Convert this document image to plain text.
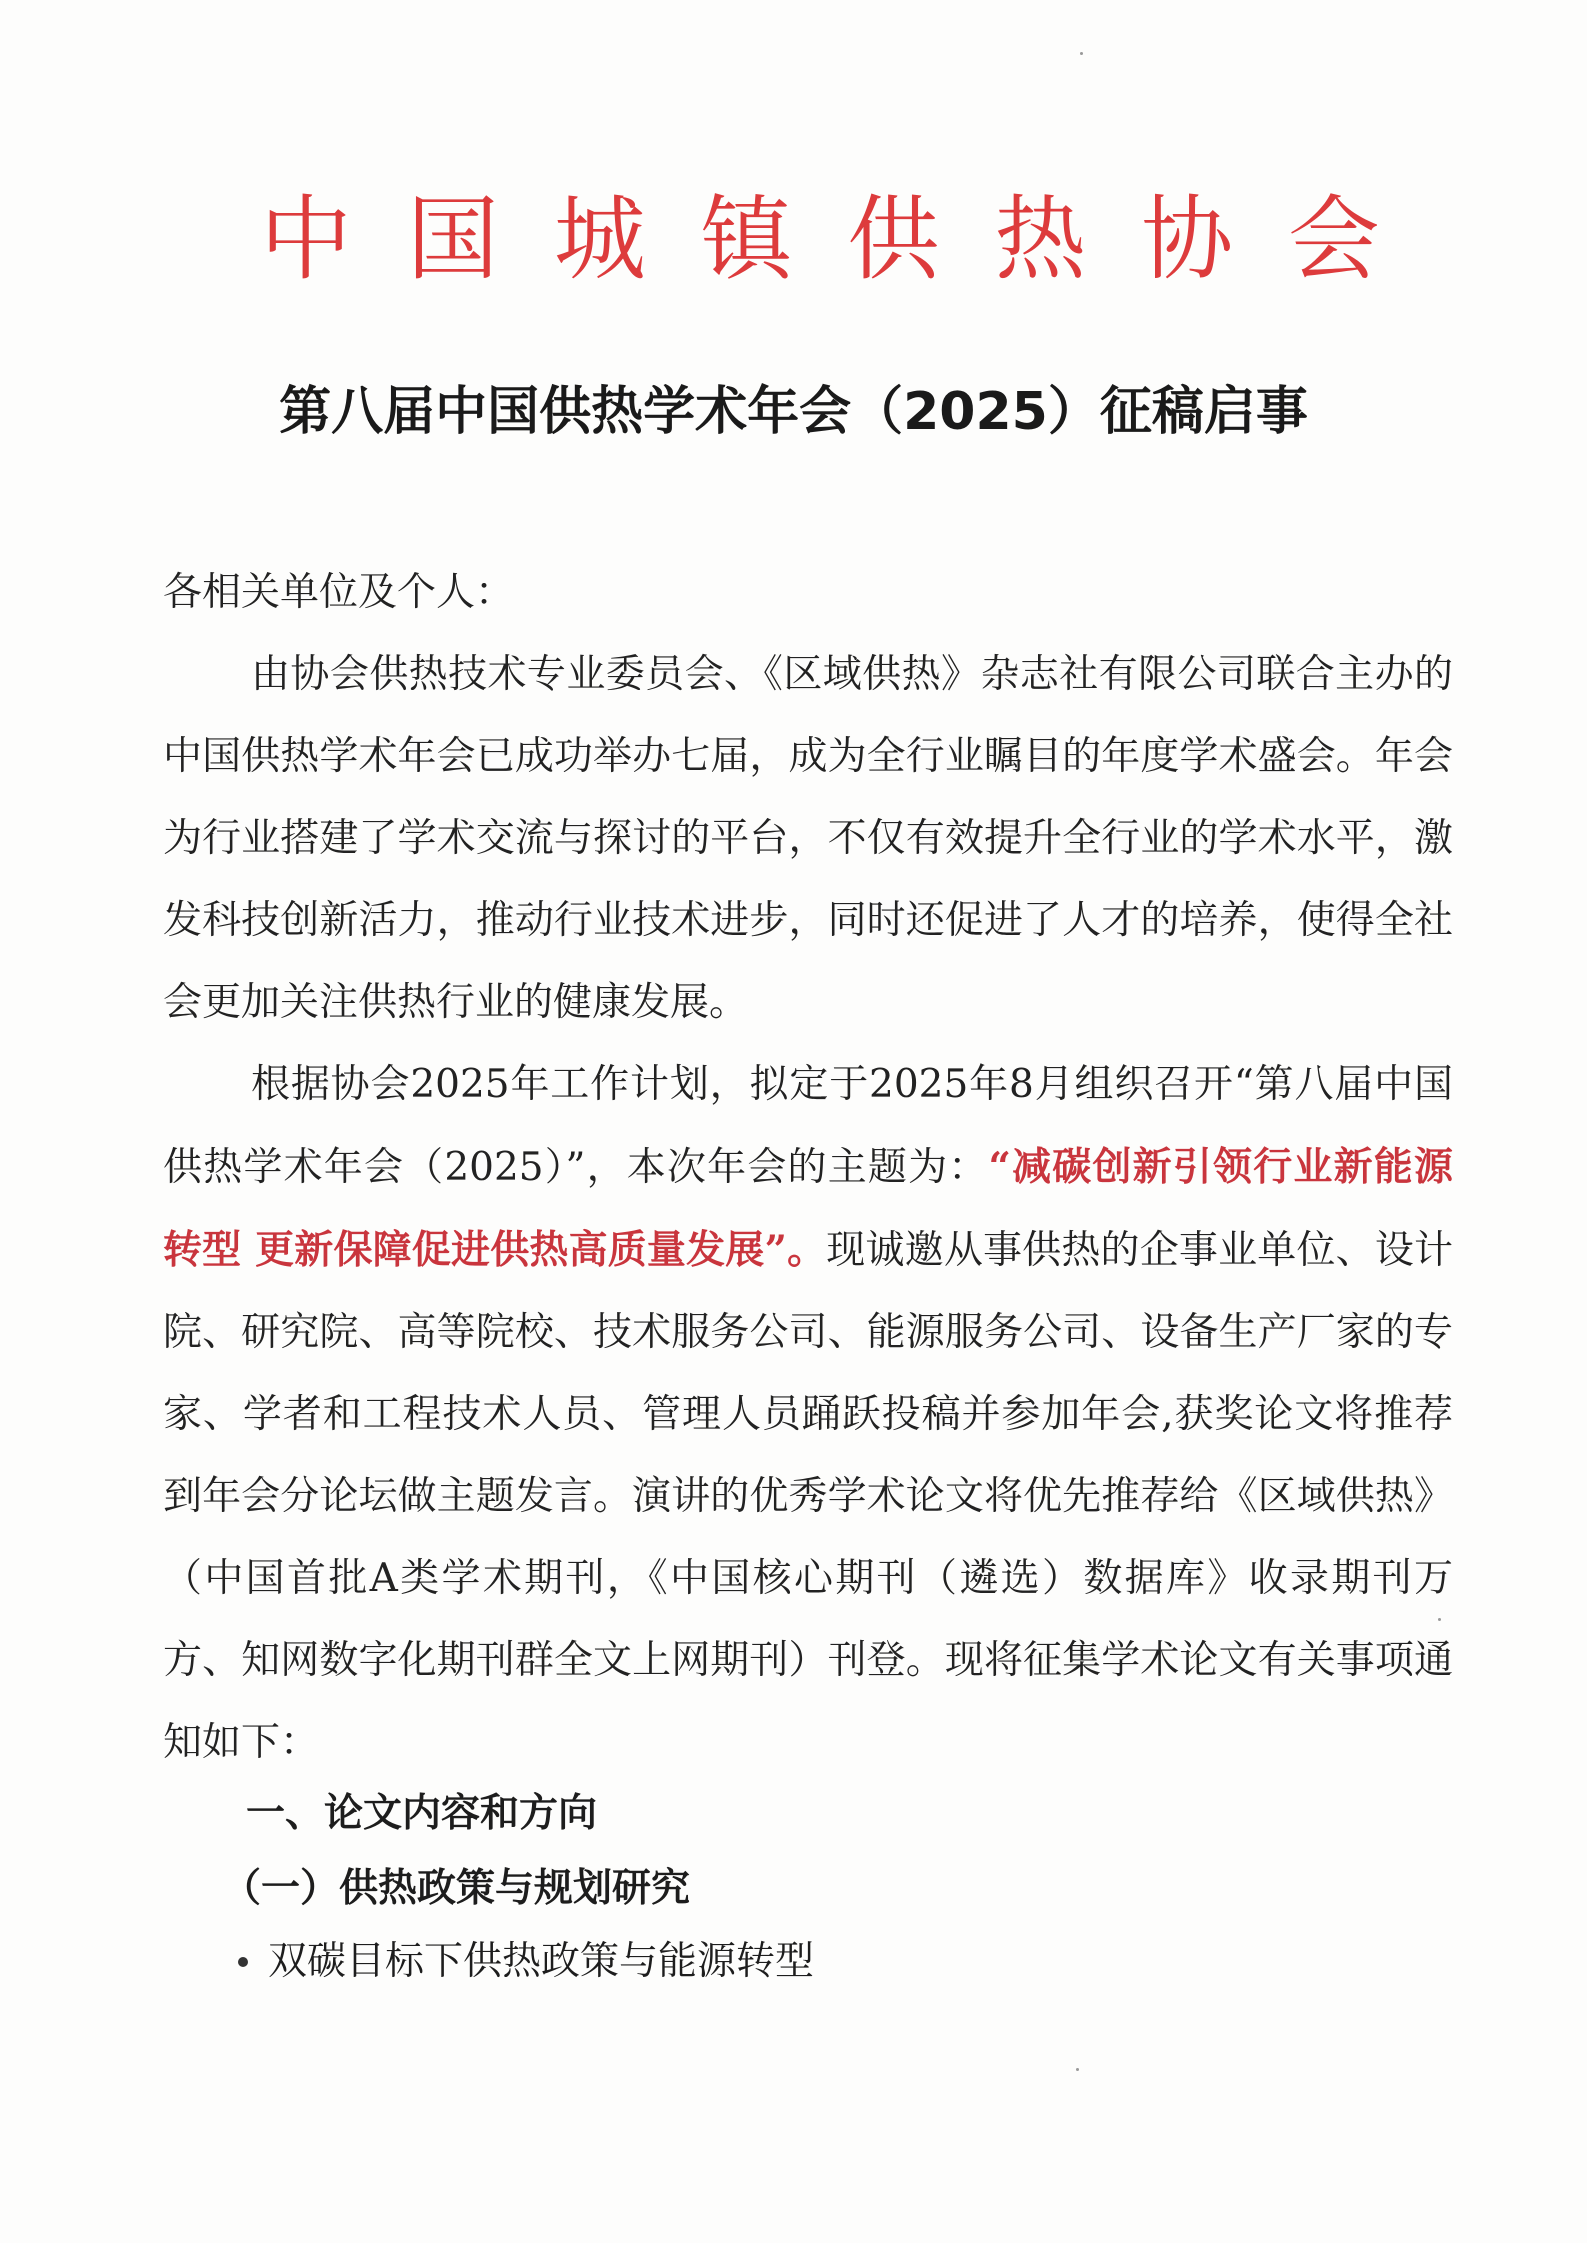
中 国 城 镇 供 热 协 会
第八届中国供热学术年会（2025）征稿启事

各相关单位及个人：

由协会供热技术专业委员会、《区域供热》杂志社有限公司联合主办的中国供热学术年会已成功举办七届，成为全行业瞩目的年度学术盛会。年会为行业搭建了学术交流与探讨的平台，不仅有效提升全行业的学术水平，激发科技创新活力，推动行业技术进步，同时还促进了人才的培养，使得全社会更加关注供热行业的健康发展。

根据协会2025年工作计划，拟定于2025年8月组织召开“第八届中国供热学术年会（2025）”，本次年会的主题为：“减碳创新引领行业新能源转型 更新保障促进供热高质量发展”。现诚邀从事供热的企事业单位、设计院、研究院、高等院校、技术服务公司、能源服务公司、设备生产厂家的专家、学者和工程技术人员、管理人员踊跃投稿并参加年会,获奖论文将推荐到年会分论坛做主题发言。演讲的优秀学术论文将优先推荐给《区域供热》（中国首批A类学术期刊，《中国核心期刊（遴选）数据库》收录期刊万方、知网数字化期刊群全文上网期刊）刊登。现将征集学术论文有关事项通知如下：

一、论文内容和方向
（一）供热政策与规划研究
双碳目标下供热政策与能源转型
